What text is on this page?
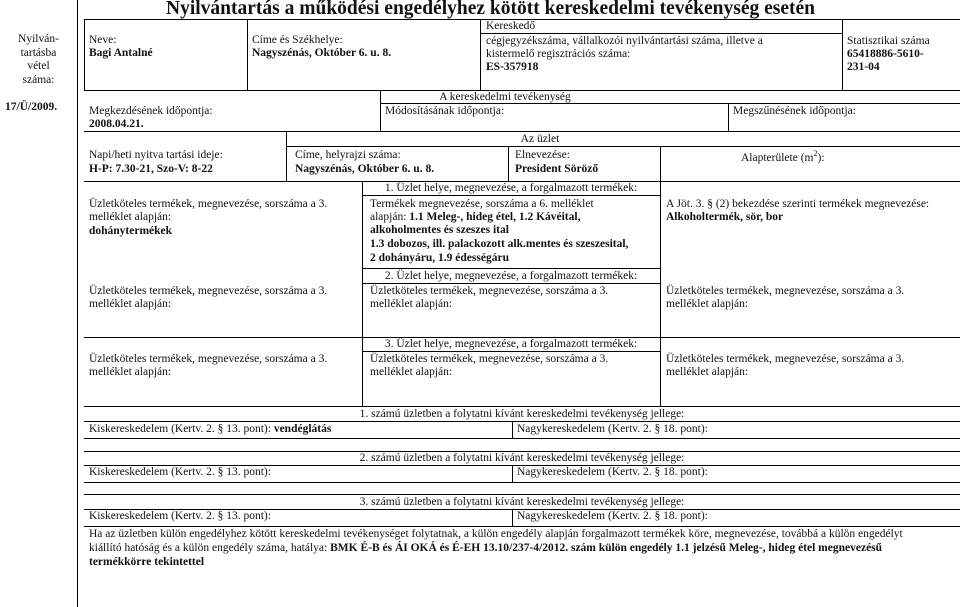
Nyilvántartás a működési engedélyhez kötött kereskedelmi tevékenység esetén
Nyilván-
tartásba
vétel
száma:
17/Ü/2009.
Neve:
Bagi Antalné
Címe és Székhelye:
Nagyszénás, Október 6. u. 8.
Kereskedő
cégjegyzékszáma, vállalkozói nyilvántartási száma, illetve a
kistermelő regisztrációs száma:
ES-357918
Statisztikai száma
65418886-5610-
231-04
A kereskedelmi tevékenység
Megkezdésének időpontja:
2008.04.21.
Módosításának időpontja:	Megszűnésének időpontja:
Az üzlet
Napi/heti nyitva tartási ideje:
H-P: 7.30-21, Szo-V: 8-22
Címe, helyrajzi száma:
Nagyszénás, Október 6. u. 8.
Elnevezése:
President Söröző
Alapterülete $(m^2)$:
1. Üzlet helye, megnevezése, a forgalmazott termékek:
Üzletköteles termékek, megnevezése, sorszáma a 3.
melléklet alapján:
dohánytermékek
Termékek megnevezése, sorszáma a 6. melléklet
alapján: 1.1 Meleg-, hideg étel, 1.2 Kávéital,
alkoholmentes és szeszes ital
1.3 dobozos, ill. palackozott alk.mentes és szeszesital,
2 dohányáru, 1.9 édességáru
A Jöt. 3. § (2) bekezdése szerinti termékek megnevezése:
Alkoholtermék, sör, bor
2. Üzlet helye, megnevezése, a forgalmazott termékek:
Üzletköteles termékek, megnevezése, sorszáma a 3.
melléklet alapján:
Üzletköteles termékek, megnevezése, sorszáma a 3.
melléklet alapján:
Üzletköteles termékek, megnevezése, sorszáma a 3.
melléklet alapján:
3. Üzlet helye, megnevezése, a forgalmazott termékek:
Üzletköteles termékek, megnevezése, sorszáma a 3.
melléklet alapján:
Üzletköteles termékek, megnevezése, sorszáma a 3.
melléklet alapján:
Üzletköteles termékek, megnevezése, sorszáma a 3.
melléklet alapján:
1. számú üzletben a folytatni kívánt kereskedelmi tevékenység jellege:
Kiskereskedelem (Kertv. 2. § 13. pont): vendéglátás	Nagykereskedelem (Kertv. 2. § 18. pont):
2. számú üzletben a folytatni kívánt kereskedelmi tevékenység jellege:
Kiskereskedelem (Kertv. 2. § 13. pont):	Nagykereskedelem (Kertv. 2. § 18. pont):
3. számú üzletben a folytatni kívánt kereskedelmi tevékenység jellege:
Kiskereskedelem (Kertv. 2. § 13. pont):	Nagykereskedelem (Kertv. 2. § 18. pont):
Ha az üzletben külön engedélyhez kötött kereskedelmi tevékenységet folytatnak, a külön engedély alapján forgalmazott termékek köre, megnevezése, továbbá a külön engedélyt
kiállító hatóság és a külön engedély száma, hatálya: BMK É-B és ÁI OKÁ és É-EH 13.10/237-4/2012. szám külön engedély 1.1 jelzésű Meleg-, hideg étel megnevezésű
termékkörre tekintettel
